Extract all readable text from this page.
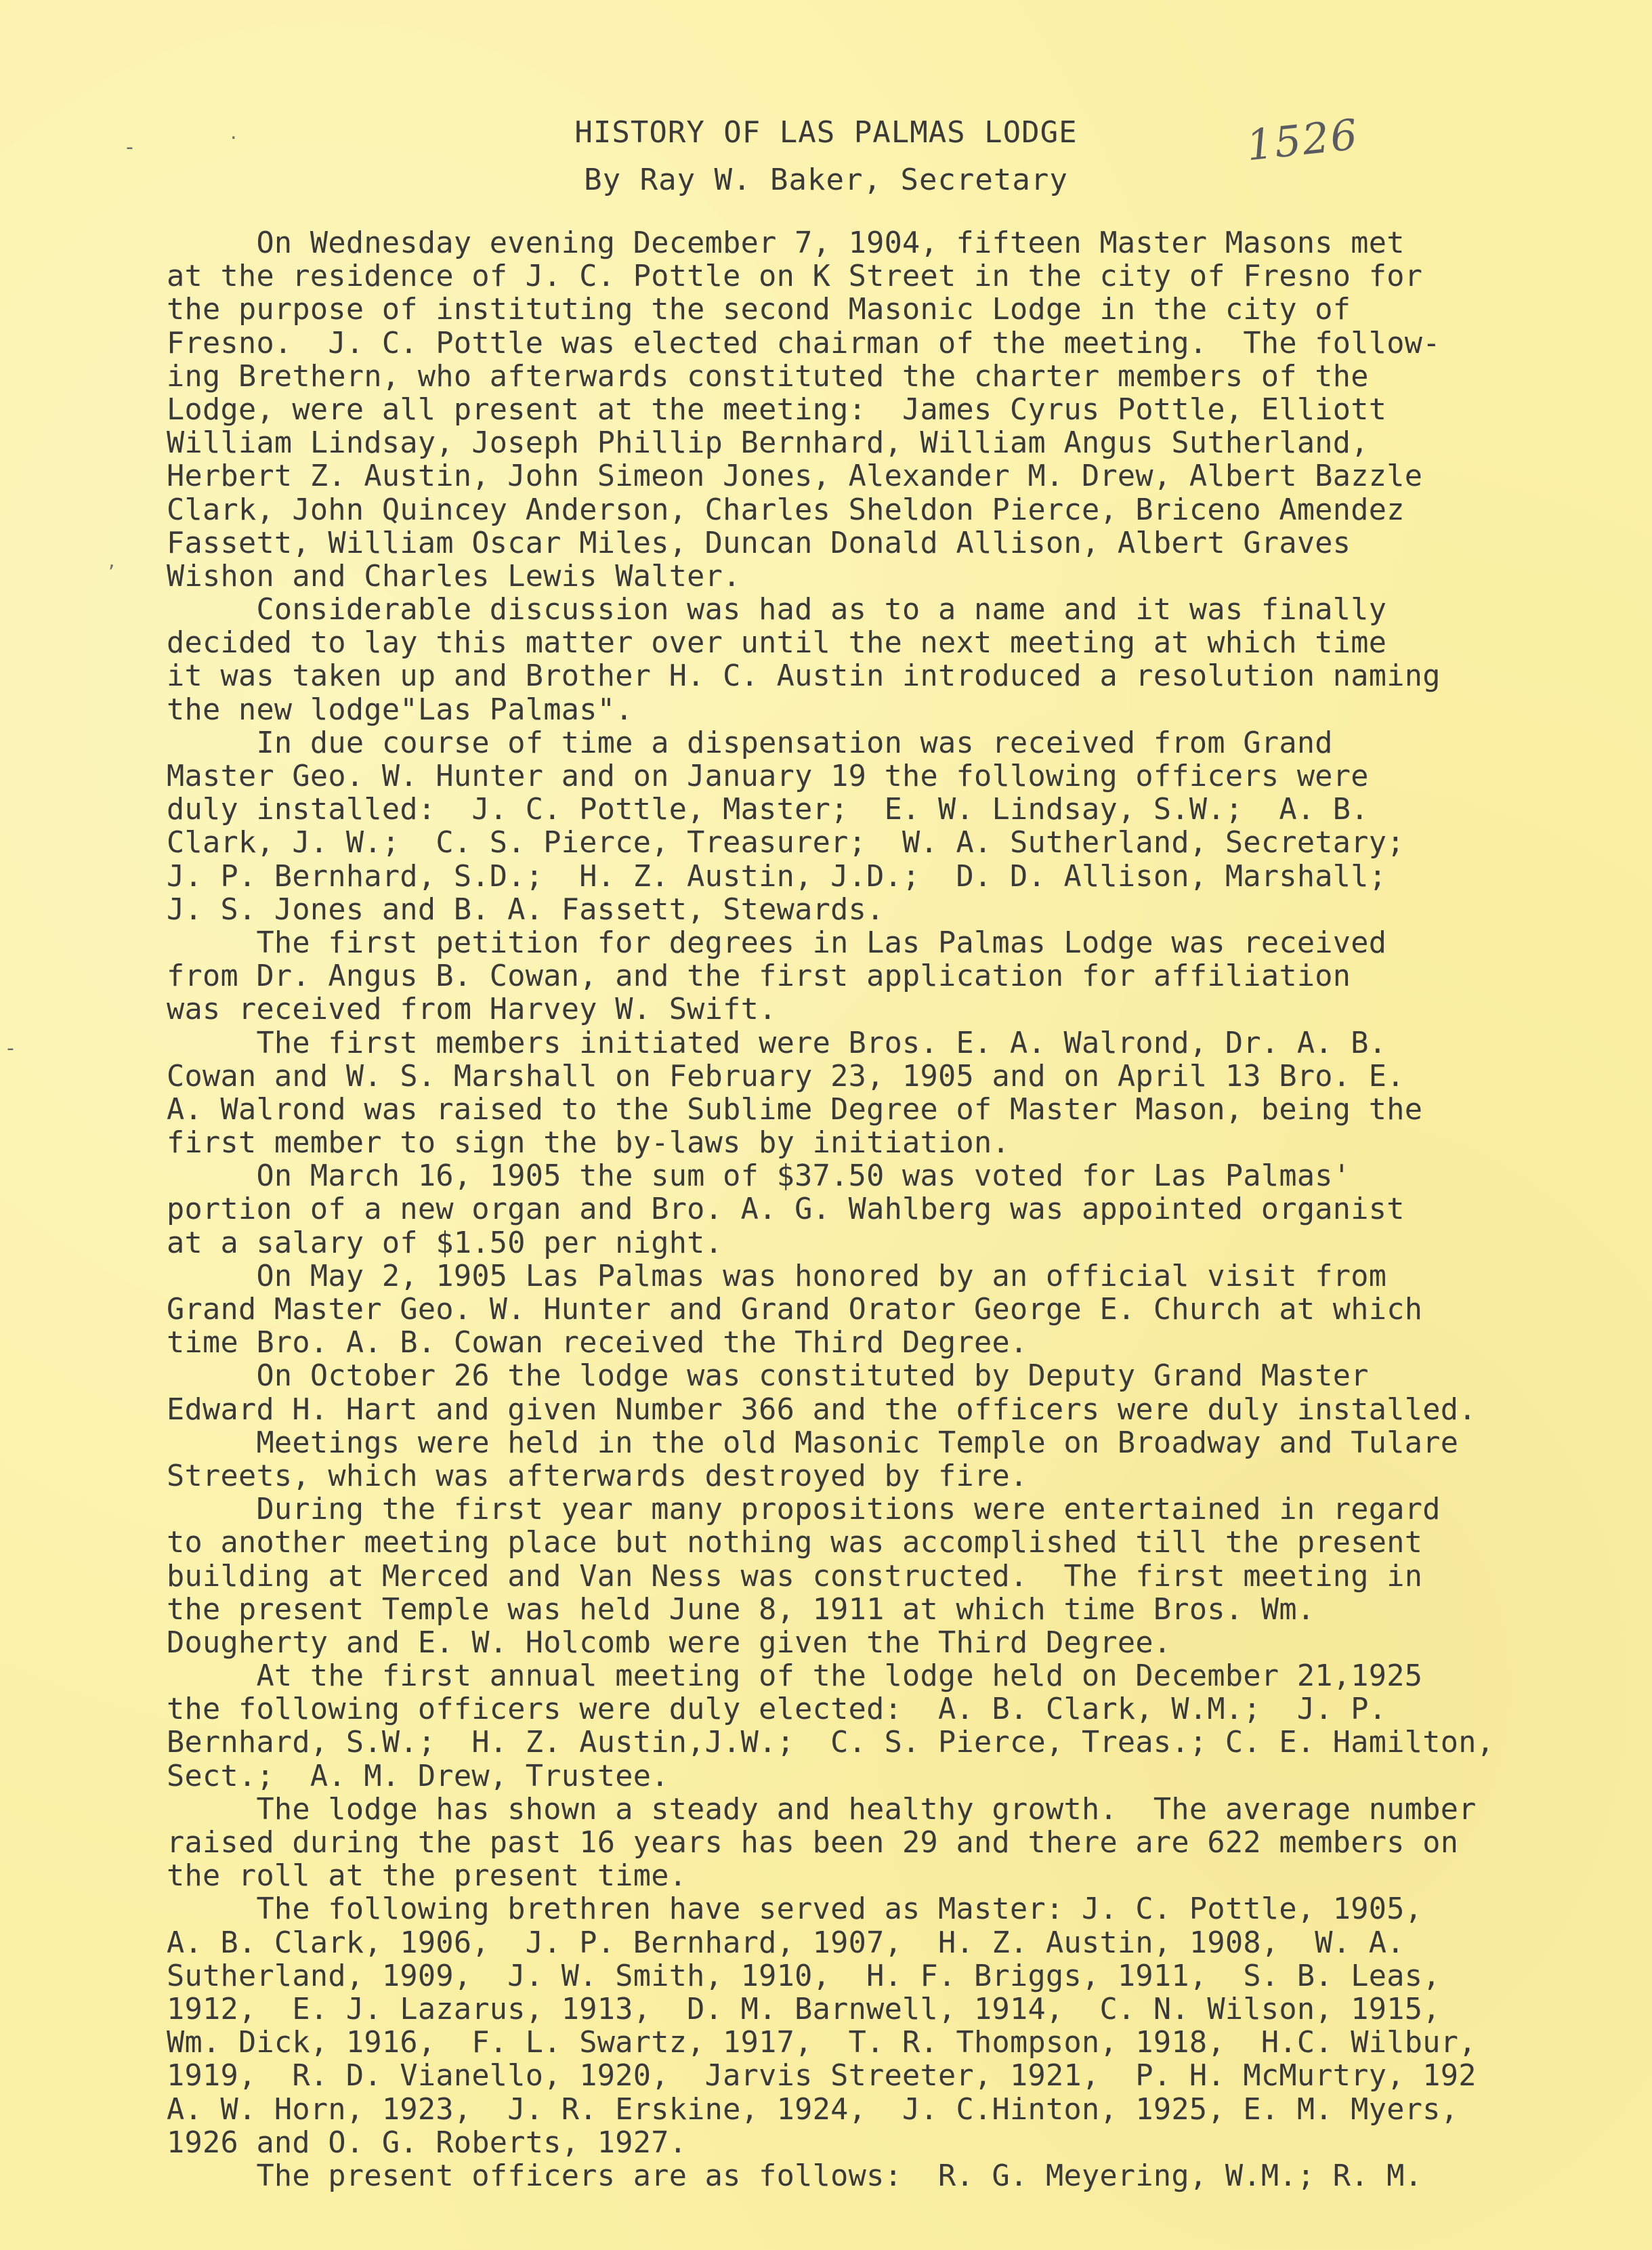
-
.
,
-
HISTORY OF LAS PALMAS LODGE
By Ray W. Baker, Secretary
1526
On Wednesday evening December 7, 1904, fifteen Master Masons met
at the residence of J. C. Pottle on K Street in the city of Fresno for
the purpose of instituting the second Masonic Lodge in the city of
Fresno.  J. C. Pottle was elected chairman of the meeting.  The follow-
ing Brethern, who afterwards constituted the charter members of the
Lodge, were all present at the meeting:  James Cyrus Pottle, Elliott
William Lindsay, Joseph Phillip Bernhard, William Angus Sutherland,
Herbert Z. Austin, John Simeon Jones, Alexander M. Drew, Albert Bazzle
Clark, John Quincey Anderson, Charles Sheldon Pierce, Briceno Amendez
Fassett, William Oscar Miles, Duncan Donald Allison, Albert Graves
Wishon and Charles Lewis Walter.
Considerable discussion was had as to a name and it was finally
decided to lay this matter over until the next meeting at which time
it was taken up and Brother H. C. Austin introduced a resolution naming
the new lodge"Las Palmas".
In due course of time a dispensation was received from Grand
Master Geo. W. Hunter and on January 19 the following officers were
duly installed:  J. C. Pottle, Master;  E. W. Lindsay, S.W.;  A. B.
Clark, J. W.;  C. S. Pierce, Treasurer;  W. A. Sutherland, Secretary;
J. P. Bernhard, S.D.;  H. Z. Austin, J.D.;  D. D. Allison, Marshall;
J. S. Jones and B. A. Fassett, Stewards.
The first petition for degrees in Las Palmas Lodge was received
from Dr. Angus B. Cowan, and the first application for affiliation
was received from Harvey W. Swift.
The first members initiated were Bros. E. A. Walrond, Dr. A. B.
Cowan and W. S. Marshall on February 23, 1905 and on April 13 Bro. E.
A. Walrond was raised to the Sublime Degree of Master Mason, being the
first member to sign the by-laws by initiation.
On March 16, 1905 the sum of $37.50 was voted for Las Palmas'
portion of a new organ and Bro. A. G. Wahlberg was appointed organist
at a salary of $1.50 per night.
On May 2, 1905 Las Palmas was honored by an official visit from
Grand Master Geo. W. Hunter and Grand Orator George E. Church at which
time Bro. A. B. Cowan received the Third Degree.
On October 26 the lodge was constituted by Deputy Grand Master
Edward H. Hart and given Number 366 and the officers were duly installed.
Meetings were held in the old Masonic Temple on Broadway and Tulare
Streets, which was afterwards destroyed by fire.
During the first year many propositions were entertained in regard
to another meeting place but nothing was accomplished till the present
building at Merced and Van Ness was constructed.  The first meeting in
the present Temple was held June 8, 1911 at which time Bros. Wm.
Dougherty and E. W. Holcomb were given the Third Degree.
At the first annual meeting of the lodge held on December 21,1925
the following officers were duly elected:  A. B. Clark, W.M.;  J. P.
Bernhard, S.W.;  H. Z. Austin,J.W.;  C. S. Pierce, Treas.; C. E. Hamilton,
Sect.;  A. M. Drew, Trustee.
The lodge has shown a steady and healthy growth.  The average number
raised during the past 16 years has been 29 and there are 622 members on
the roll at the present time.
The following brethren have served as Master: J. C. Pottle, 1905,
A. B. Clark, 1906,  J. P. Bernhard, 1907,  H. Z. Austin, 1908,  W. A.
Sutherland, 1909,  J. W. Smith, 1910,  H. F. Briggs, 1911,  S. B. Leas,
1912,  E. J. Lazarus, 1913,  D. M. Barnwell, 1914,  C. N. Wilson, 1915,
Wm. Dick, 1916,  F. L. Swartz, 1917,  T. R. Thompson, 1918,  H.C. Wilbur,
1919,  R. D. Vianello, 1920,  Jarvis Streeter, 1921,  P. H. McMurtry, 192
A. W. Horn, 1923,  J. R. Erskine, 1924,  J. C.Hinton, 1925, E. M. Myers,
1926 and O. G. Roberts, 1927.
The present officers are as follows:  R. G. Meyering, W.M.; R. M.
